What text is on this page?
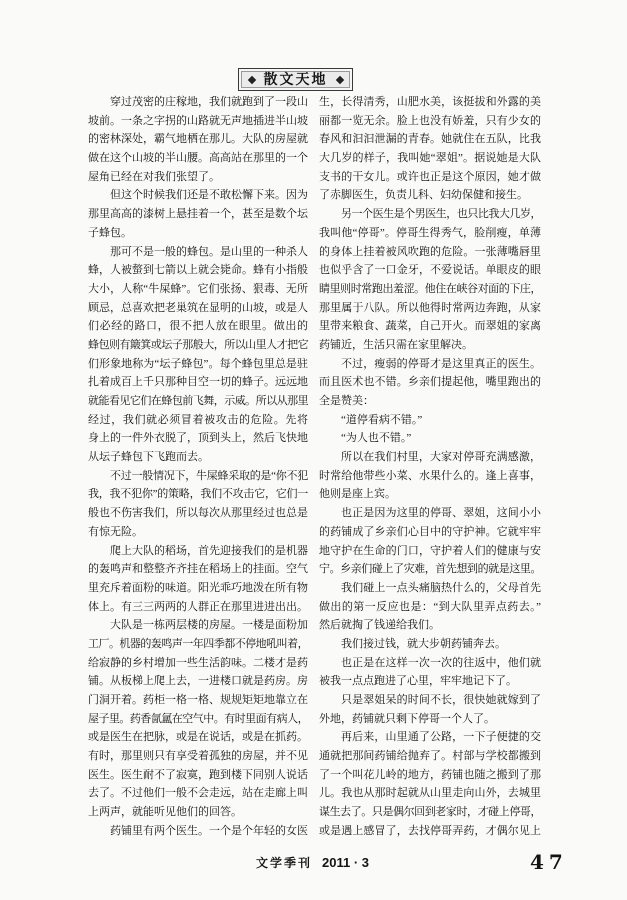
散文天地
穿过茂密的庄稼地，我们就跑到了一段山
坡前。一条之字拐的山路就无声地插进半山坡
的密林深处，霸气地栖在那儿。大队的房屋就
做在这个山坡的半山腰。高高站在那里的一个
屋角已经在对我们张望了。
但这个时候我们还是不敢松懈下来。因为
那里高高的漆树上悬挂着一个，甚至是数个坛
子蜂包。
那可不是一般的蜂包。是山里的一种杀人
蜂，人被螫到七箭以上就会毙命。蜂有小指般
大小，人称“牛屎蜂”。它们张扬、狠毒、无所
顾忌，总喜欢把老巢筑在显明的山坡，或是人
们必经的路口，很不把人放在眼里。做出的
蜂包则有簸箕或坛子那般大，所以山里人才把它
们形象地称为“坛子蜂包”。每个蜂包里总是驻
扎着成百上千只那种目空一切的蜂子。远远地
就能看见它们在蜂包前飞舞，示威。所以从那里
经过，我们就必须冒着被攻击的危险。先将
身上的一件外衣脱了，顶到头上，然后飞快地
从坛子蜂包下飞跑而去。
不过一般情况下，牛屎蜂采取的是“你不犯
我，我不犯你”的策略，我们不攻击它，它们一
般也不伤害我们，所以每次从那里经过也总是
有惊无险。
爬上大队的稻场，首先迎接我们的是机器
的轰鸣声和整整齐齐挂在稻场上的挂面。空气
里充斥着面粉的味道。阳光乖巧地泼在所有物
体上。有三三两两的人群正在那里进进出出。
大队是一栋两层楼的房屋。一楼是面粉加
工厂。机器的轰鸣声一年四季都不停地吼叫着，
给寂静的乡村增加一些生活韵味。二楼才是药
铺。从板梯上爬上去，一进楼口就是药房。房
门洞开着。药柜一格一格、规规矩矩地靠立在
屋子里。药香氤氲在空气中。有时里面有病人，
或是医生在把脉，或是在说话，或是在抓药。
有时，那里则只有享受着孤独的房屋，并不见
医生。医生耐不了寂寞，跑到楼下同别人说话
去了。不过他们一般不会走远，站在走廊上叫
上两声，就能听见他们的回答。
药铺里有两个医生。一个是个年轻的女医
生，长得清秀，山肥水美，该挺拔和外露的美
丽都一览无余。脸上也没有娇羞，只有少女的
春风和汩汩泄漏的青春。她就住在五队，比我
大几岁的样子，我叫她“翠姐”。据说她是大队
支书的干女儿。或许也正是这个原因，她才做
了赤脚医生，负责儿科、妇幼保健和接生。
另一个医生是个男医生，也只比我大几岁，
我叫他“停哥”。停哥生得秀气，脸削瘦，单薄
的身体上挂着被风吹跑的危险。一张薄嘴唇里
也似乎含了一口金牙，不爱说话。单眼皮的眼
睛里则时常跑出羞涩。他住在峡谷对面的下庄，
那里属于八队。所以他得时常两边奔跑，从家
里带来粮食、蔬菜，自己开火。而翠姐的家离
药铺近，生活只需在家里解决。
不过，瘦弱的停哥才是这里真正的医生。
而且医术也不错。乡亲们提起他，嘴里跑出的
全是赞美：
“道停看病不错。”
“为人也不错。”
所以在我们村里，大家对停哥充满感激，
时常给他带些小菜、水果什么的。逢上喜事，
他则是座上宾。
也正是因为这里的停哥、翠姐，这间小小
的药铺成了乡亲们心目中的守护神。它就牢牢
地守护在生命的门口，守护着人们的健康与安
宁。乡亲们碰上了灾难，首先想到的就是这里。
我们碰上一点头痛脑热什么的，父母首先
做出的第一反应也是：“到大队里弄点药去。”
然后就掏了钱递给我们。
我们接过钱，就大步朝药铺奔去。
也正是在这样一次一次的往返中，他们就
被我一点点跑进了心里，牢牢地记下了。
只是翠姐呆的时间不长，很快她就嫁到了
外地，药铺就只剩下停哥一个人了。
再后来，山里通了公路，一下子便捷的交
通就把那间药铺给抛弃了。村部与学校都搬到
了一个叫花儿岭的地方，药铺也随之搬到了那
儿。我也从那时起就从山里走向山外，去城里
谋生去了。只是偶尔回到老家时，才碰上停哥，
或是遇上感冒了，去找停哥弄药，才偶尔见上
文学季刊 2011 · 3	47
